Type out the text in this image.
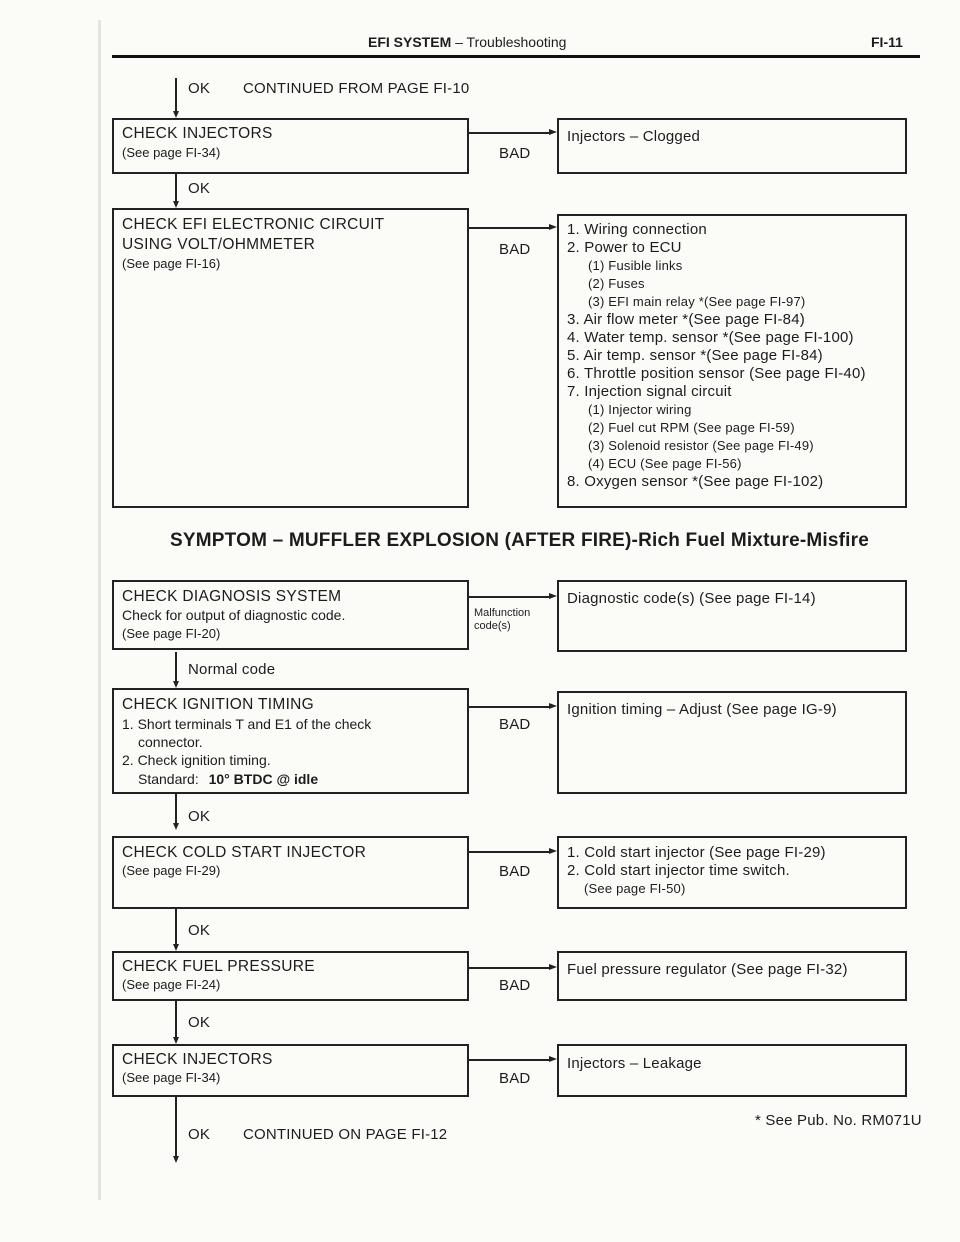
EFI SYSTEM – Troubleshooting	FI-11
OK CONTINUED FROM PAGE FI-10
CHECK INJECTORS
(See page FI-34)	BAD
Injectors – Clogged
OK
CHECK EFI ELECTRONIC CIRCUIT
USING VOLT/OHMMETER
(See page FI-16)
BAD
1. Wiring connection
2. Power to ECU
(1) Fusible links
(2) Fuses
(3) EFI main relay *(See page FI-97)
3. Air flow meter *(See page FI-84)
4. Water temp. sensor *(See page FI-100)
5. Air temp. sensor *(See page FI-84)
6. Throttle position sensor (See page FI-40)
7. Injection signal circuit
(1) Injector wiring
(2) Fuel cut RPM (See page FI-59)
(3) Solenoid resistor (See page FI-49)
(4) ECU (See page FI-56)
8. Oxygen sensor *(See page FI-102)
SYMPTOM – MUFFLER EXPLOSION (AFTER FIRE)-Rich Fuel Mixture-Misfire
CHECK DIAGNOSIS SYSTEM
Check for output of diagnostic code.
(See page FI-20)
Malfunction
code(s)
Diagnostic code(s) (See page FI-14)
Normal code
CHECK IGNITION TIMING
1. Short terminals T and E1 of the check
connector.
2. Check ignition timing.
Standard: 10° BTDC @ idle
BAD
Ignition timing – Adjust (See page IG-9)
OK
CHECK COLD START INJECTOR
(See page FI-29)	BAD
1. Cold start injector (See page FI-29)
2. Cold start injector time switch.
(See page FI-50)
OK
CHECK FUEL PRESSURE
(See page FI-24)	BAD
Fuel pressure regulator (See page FI-32)
OK
CHECK INJECTORS
(See page FI-34)	BAD
Injectors – Leakage
OK CONTINUED ON PAGE FI-12
* See Pub. No. RM071U
